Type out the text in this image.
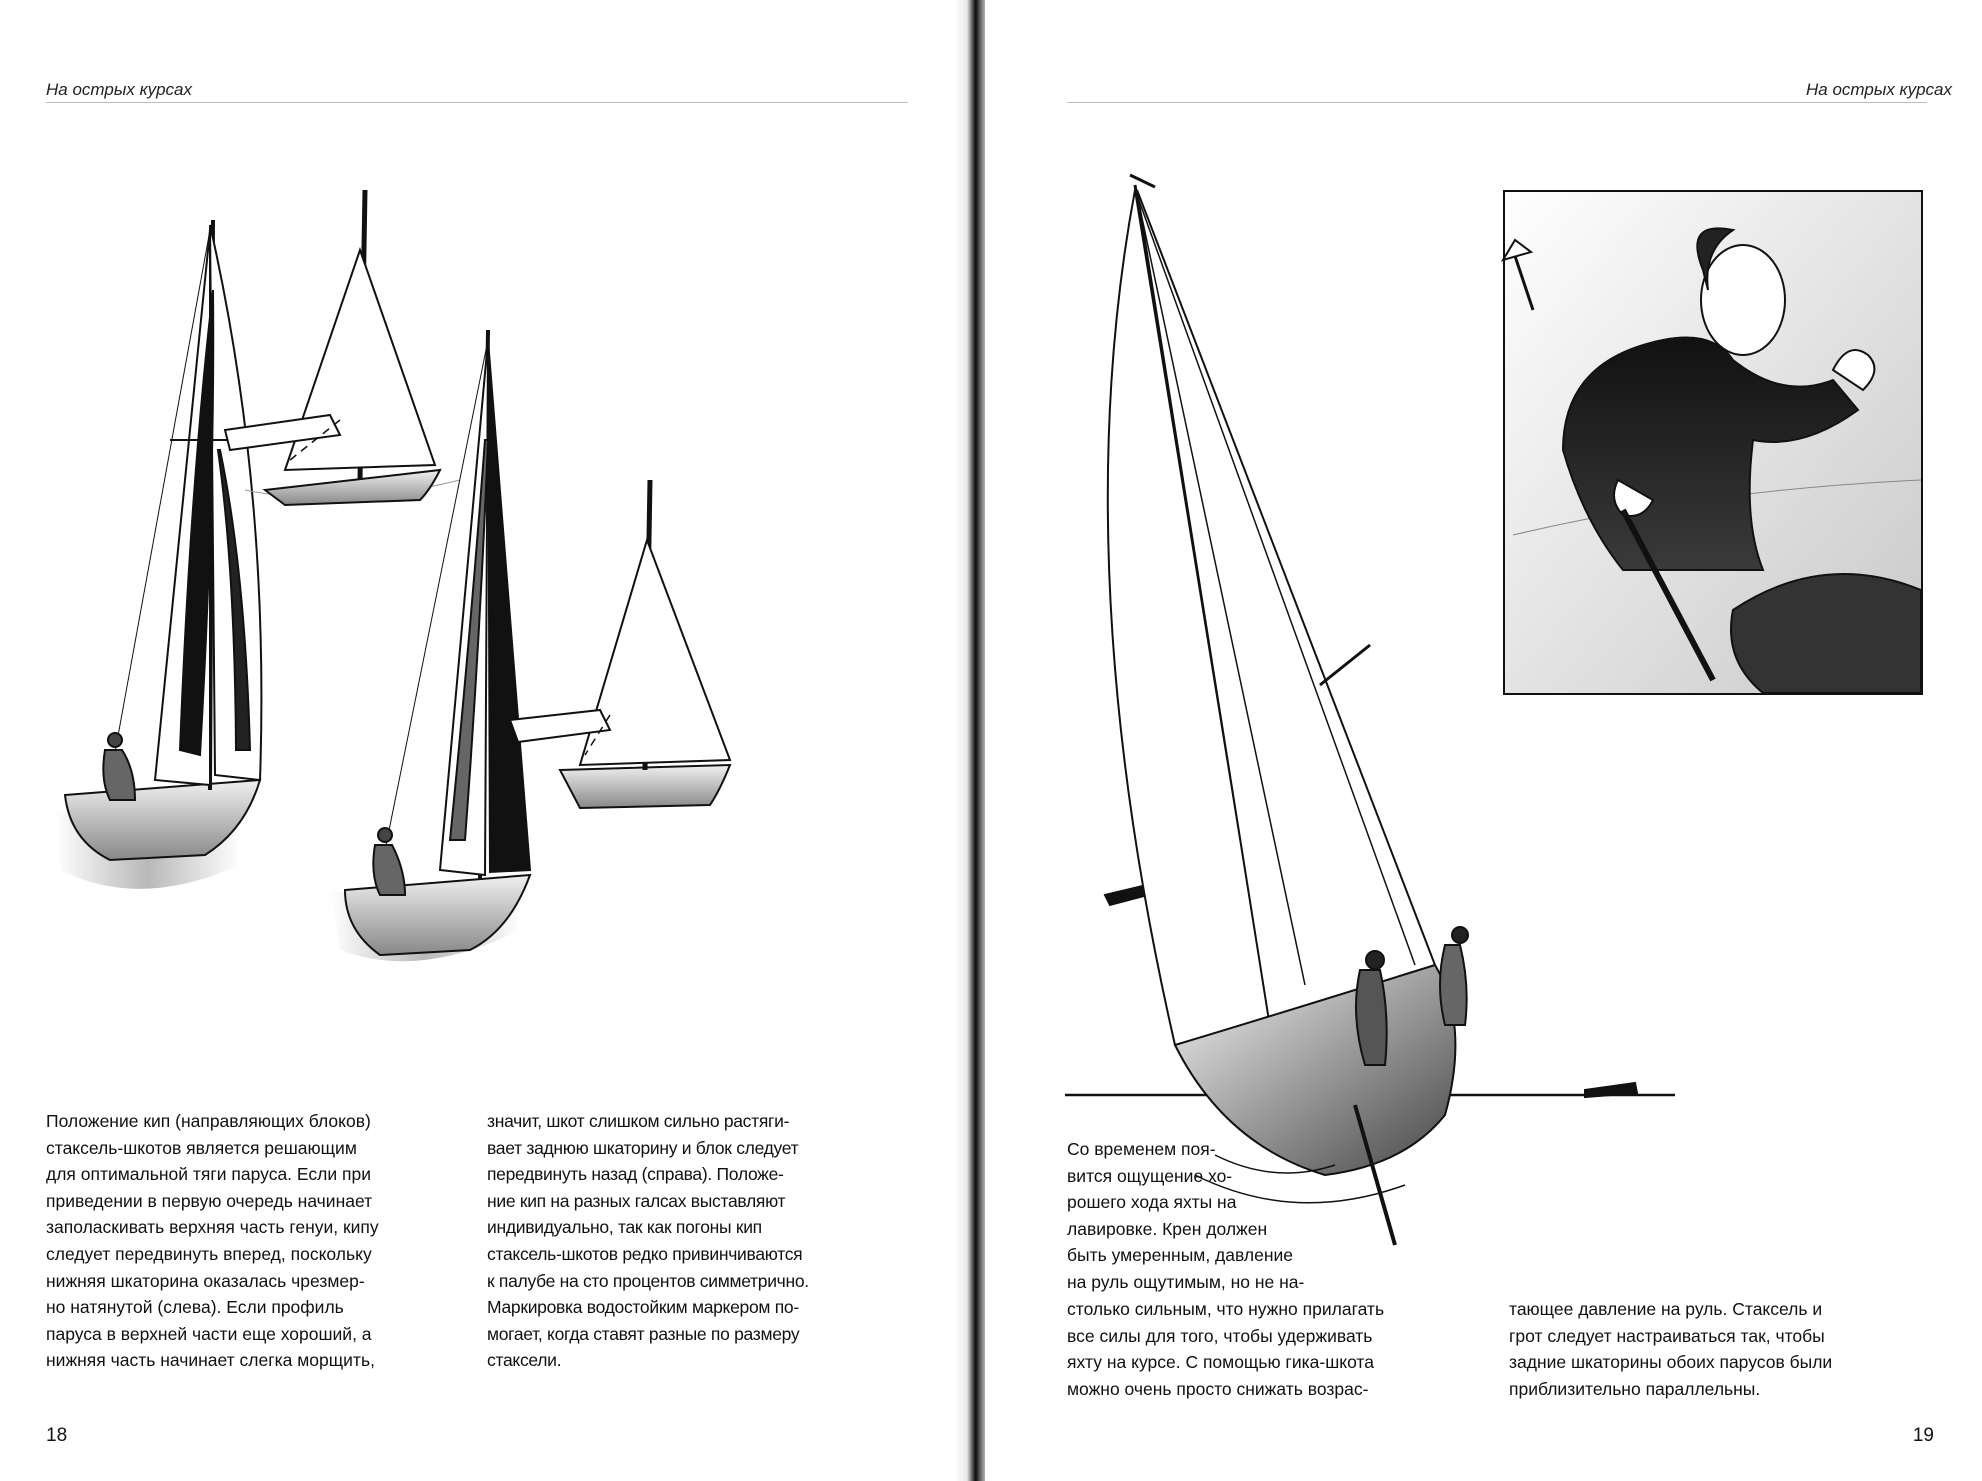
На острых курсах

Положение кип (направляющих блоков)

стаксель-шкотов является решающим

для оптимальной тяги паруса. Если при

приведении в первую очередь начинает

заполаскивать верхняя часть генуи, кипу

следует передвинуть вперед, поскольку

нижняя шкаторина оказалась чрезмер-

но натянутой (слева). Если профиль

паруса в верхней части еще хороший, а

нижняя часть начинает слегка морщить,

значит, шкот слишком сильно растяги-

вает заднюю шкаторину и блок следует

передвинуть назад (справа). Положе-

ние кип на разных галсах выставляют

индивидуально, так как погоны кип

стаксель-шкотов редко привинчиваются

к палубе на сто процентов симметрично.

Маркировка водостойким маркером по-

могает, когда ставят разные по размеру

стаксели.

18
На острых курсах

Со временем поя-

вится ощущение хо-

рошего хода яхты на

лавировке. Крен должен

быть умеренным, давление

на руль ощутимым, но не на-

столько сильным, что нужно прилагать

все силы для того, чтобы удерживать

яхту на курсе. С помощью гика-шкота

можно очень просто снижать возрас-

тающее давление на руль. Стаксель и

грот следует настраиваться так, чтобы

задние шкаторины обоих парусов были

приблизительно параллельны.

19
